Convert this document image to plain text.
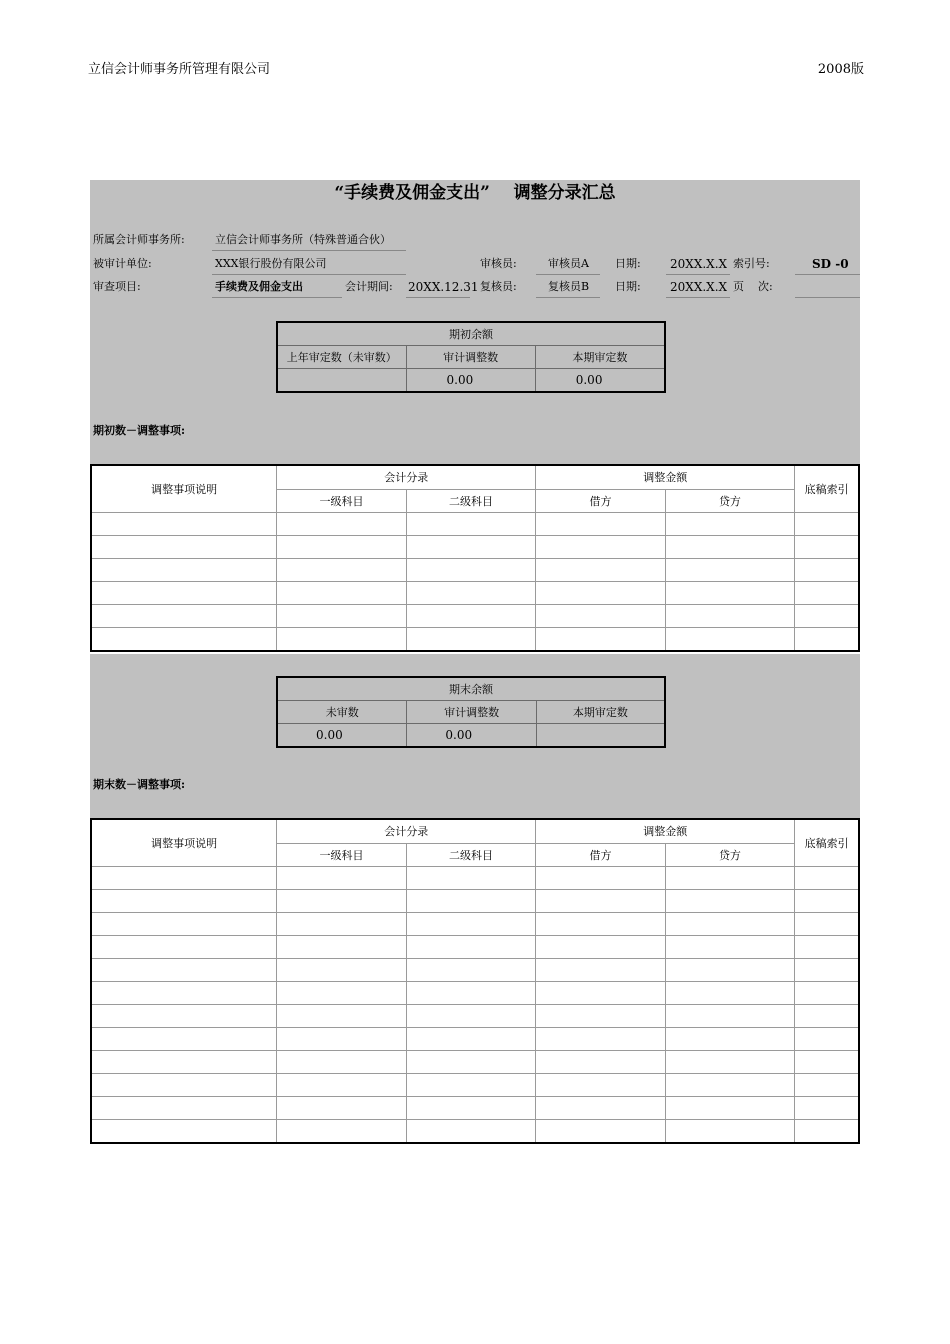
立信会计师事务所管理有限公司	2008版
“手续费及佣金支出”    调整分录汇总
所属会计师事务所:	立信会计师事务所（特殊普通合伙）
被审计单位:	XXX银行股份有限公司	审核员:	审核员A 日期: 20XX.X.X 索引号:	SD -0
审查项目:	手续费及佣金支出	会计期间: 20XX.12.31 复核员:	复核员B 日期: 20XX.X.X 页    次:
期初余额		
上年审定数（未审数）	审计调整数	本期审定数
	0.00	0.00
期初数－调整事项:
调整事项说明	会计分录		调整金额		底稿索引
	一级科目	二级科目	借方	贷方	

期末余额		
未审数	审计调整数	本期审定数
0.00	0.00	
期末数－调整事项:
调整事项说明	会计分录		调整金额		底稿索引
	一级科目	二级科目	借方	贷方	
